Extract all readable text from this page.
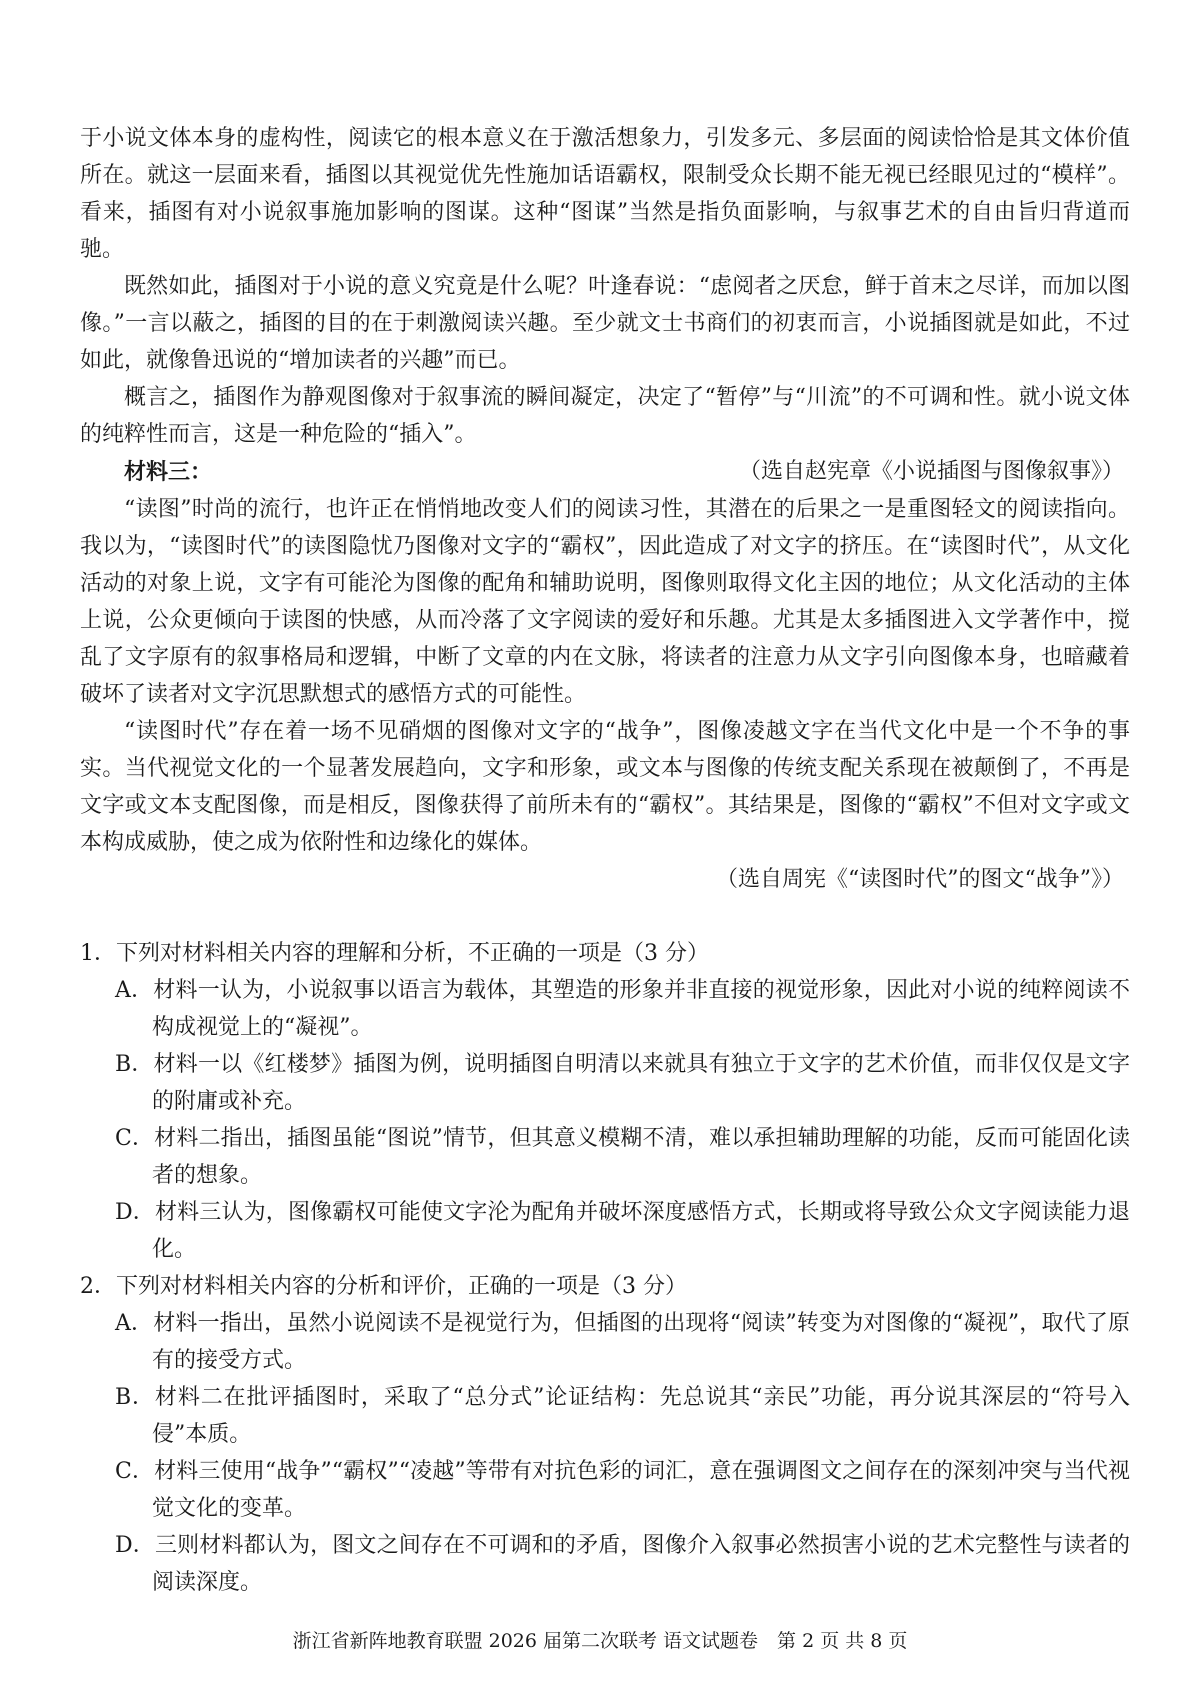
于小说文体本身的虚构性，阅读它的根本意义在于激活想象力，引发多元、多层面的阅读恰恰是其文体价值所在。就这一层面来看，插图以其视觉优先性施加话语霸权，限制受众长期不能无视已经眼见过的“模样”。看来，插图有对小说叙事施加影响的图谋。这种“图谋”当然是指负面影响，与叙事艺术的自由旨归背道而驰。

既然如此，插图对于小说的意义究竟是什么呢？叶逢春说：“虑阅者之厌怠，鲜于首末之尽详，而加以图像。”一言以蔽之，插图的目的在于刺激阅读兴趣。至少就文士书商们的初衷而言，小说插图就是如此，不过如此，就像鲁迅说的“增加读者的兴趣”而已。

概言之，插图作为静观图像对于叙事流的瞬间凝定，决定了“暂停”与“川流”的不可调和性。就小说文体的纯粹性而言，这是一种危险的“插入”。

（选自赵宪章《小说插图与图像叙事》）

材料三：

“读图”时尚的流行，也许正在悄悄地改变人们的阅读习性，其潜在的后果之一是重图轻文的阅读指向。我以为，“读图时代”的读图隐忧乃图像对文字的“霸权”，因此造成了对文字的挤压。在“读图时代”，从文化活动的对象上说，文字有可能沦为图像的配角和辅助说明，图像则取得文化主因的地位；从文化活动的主体上说，公众更倾向于读图的快感，从而冷落了文字阅读的爱好和乐趣。尤其是太多插图进入文学著作中，搅乱了文字原有的叙事格局和逻辑，中断了文章的内在文脉，将读者的注意力从文字引向图像本身，也暗藏着破坏了读者对文字沉思默想式的感悟方式的可能性。

“读图时代”存在着一场不见硝烟的图像对文字的“战争”，图像凌越文字在当代文化中是一个不争的事实。当代视觉文化的一个显著发展趋向，文字和形象，或文本与图像的传统支配关系现在被颠倒了，不再是文字或文本支配图像，而是相反，图像获得了前所未有的“霸权”。其结果是，图像的“霸权”不但对文字或文本构成威胁，使之成为依附性和边缘化的媒体。

（选自周宪《“读图时代”的图文“战争”》）

1．下列对材料相关内容的理解和分析，不正确的一项是（3 分）

A．材料一认为，小说叙事以语言为载体，其塑造的形象并非直接的视觉形象，因此对小说的纯粹阅读不构成视觉上的“凝视”。

B．材料一以《红楼梦》插图为例，说明插图自明清以来就具有独立于文字的艺术价值，而非仅仅是文字的附庸或补充。

C．材料二指出，插图虽能“图说”情节，但其意义模糊不清，难以承担辅助理解的功能，反而可能固化读者的想象。

D．材料三认为，图像霸权可能使文字沦为配角并破坏深度感悟方式，长期或将导致公众文字阅读能力退化。

2．下列对材料相关内容的分析和评价，正确的一项是（3 分）

A．材料一指出，虽然小说阅读不是视觉行为，但插图的出现将“阅读”转变为对图像的“凝视”，取代了原有的接受方式。

B．材料二在批评插图时，采取了“总分式”论证结构：先总说其“亲民”功能，再分说其深层的“符号入侵”本质。

C．材料三使用“战争”“霸权”“凌越”等带有对抗色彩的词汇，意在强调图文之间存在的深刻冲突与当代视觉文化的变革。

D．三则材料都认为，图文之间存在不可调和的矛盾，图像介入叙事必然损害小说的艺术完整性与读者的阅读深度。

浙江省新阵地教育联盟 2026 届第二次联考 语文试题卷　第 2 页 共 8 页
